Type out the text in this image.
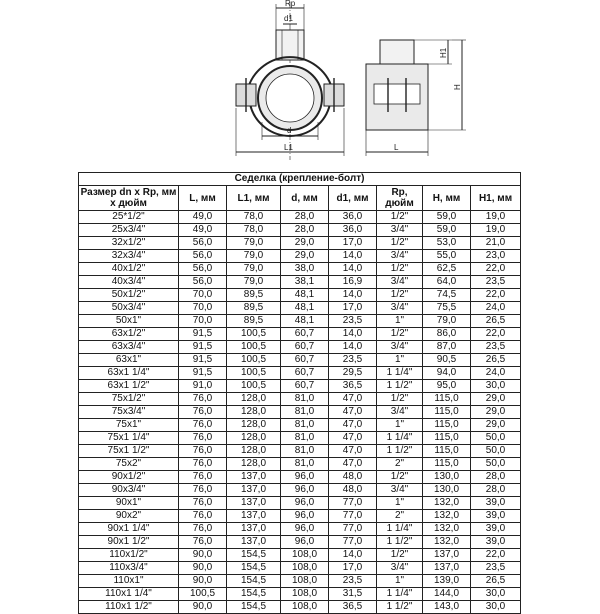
Rp
d1
d
L1	L
H1
H
Седелка (крепление-болт)							
Размер dn x Rp, мм х дюйм	L, мм	L1, мм	d, мм	d1, мм	Rp, дюйм	H, мм	H1, мм
25*1/2"	49,0	78,0	28,0	36,0	1/2"	59,0	19,0
25x3/4"	49,0	78,0	28,0	36,0	3/4"	59,0	19,0
32x1/2"	56,0	79,0	29,0	17,0	1/2"	53,0	21,0
32x3/4"	56,0	79,0	29,0	14,0	3/4"	55,0	23,0
40x1/2"	56,0	79,0	38,0	14,0	1/2"	62,5	22,0
40x3/4"	56,0	79,0	38,1	16,9	3/4"	64,0	23,5
50x1/2"	70,0	89,5	48,1	14,0	1/2"	74,5	22,0
50x3/4"	70,0	89,5	48,1	17,0	3/4"	75,5	24,0
50x1"	70,0	89,5	48,1	23,5	1"	79,0	26,5
63x1/2"	91,5	100,5	60,7	14,0	1/2"	86,0	22,0
63x3/4"	91,5	100,5	60,7	14,0	3/4"	87,0	23,5
63x1"	91,5	100,5	60,7	23,5	1"	90,5	26,5
63x1 1/4"	91,5	100,5	60,7	29,5	1 1/4"	94,0	24,0
63x1 1/2"	91,0	100,5	60,7	36,5	1 1/2"	95,0	30,0
75x1/2"	76,0	128,0	81,0	47,0	1/2"	115,0	29,0
75x3/4"	76,0	128,0	81,0	47,0	3/4"	115,0	29,0
75x1"	76,0	128,0	81,0	47,0	1"	115,0	29,0
75x1 1/4"	76,0	128,0	81,0	47,0	1 1/4"	115,0	50,0
75x1 1/2"	76,0	128,0	81,0	47,0	1 1/2"	115,0	50,0
75x2"	76,0	128,0	81,0	47,0	2"	115,0	50,0
90x1/2"	76,0	137,0	96,0	48,0	1/2"	130,0	28,0
90x3/4"	76,0	137,0	96,0	48,0	3/4"	130,0	28,0
90x1"	76,0	137,0	96,0	77,0	1"	132,0	39,0
90x2"	76,0	137,0	96,0	77,0	2"	132,0	39,0
90x1 1/4"	76,0	137,0	96,0	77,0	1 1/4"	132,0	39,0
90x1 1/2"	76,0	137,0	96,0	77,0	1 1/2"	132,0	39,0
110x1/2"	90,0	154,5	108,0	14,0	1/2"	137,0	22,0
110x3/4"	90,0	154,5	108,0	17,0	3/4"	137,0	23,5
110x1"	90,0	154,5	108,0	23,5	1"	139,0	26,5
110x1 1/4"	100,5	154,5	108,0	31,5	1 1/4"	144,0	30,0
110x1 1/2"	90,0	154,5	108,0	36,5	1 1/2"	143,0	30,0
